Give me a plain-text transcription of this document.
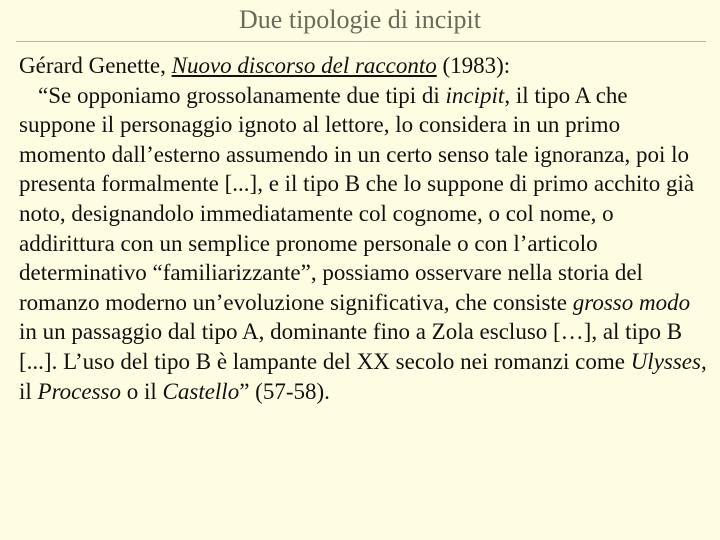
Due tipologie di incipit

Gérard Genette, Nuovo discorso del racconto (1983):

“Se opponiamo grossolanamente due tipi di incipit, il tipo A che suppone il personaggio ignoto al lettore, lo considera in un primo momento dall’esterno assumendo in un certo senso tale ignoranza, poi lo presenta formalmente [...], e il tipo B che lo suppone di primo acchito già noto, designandolo immediatamente col cognome, o col nome, o addirittura con un semplice pronome personale o con l’articolo determinativo “familiarizzante”, possiamo osservare nella storia del romanzo moderno un’evoluzione significativa, che consiste grosso modo in un passaggio dal tipo A, dominante fino a Zola escluso […], al tipo B [...]. L’uso del tipo B è lampante del XX secolo nei romanzi come Ulysses, il Processo o il Castello” (57-58).
